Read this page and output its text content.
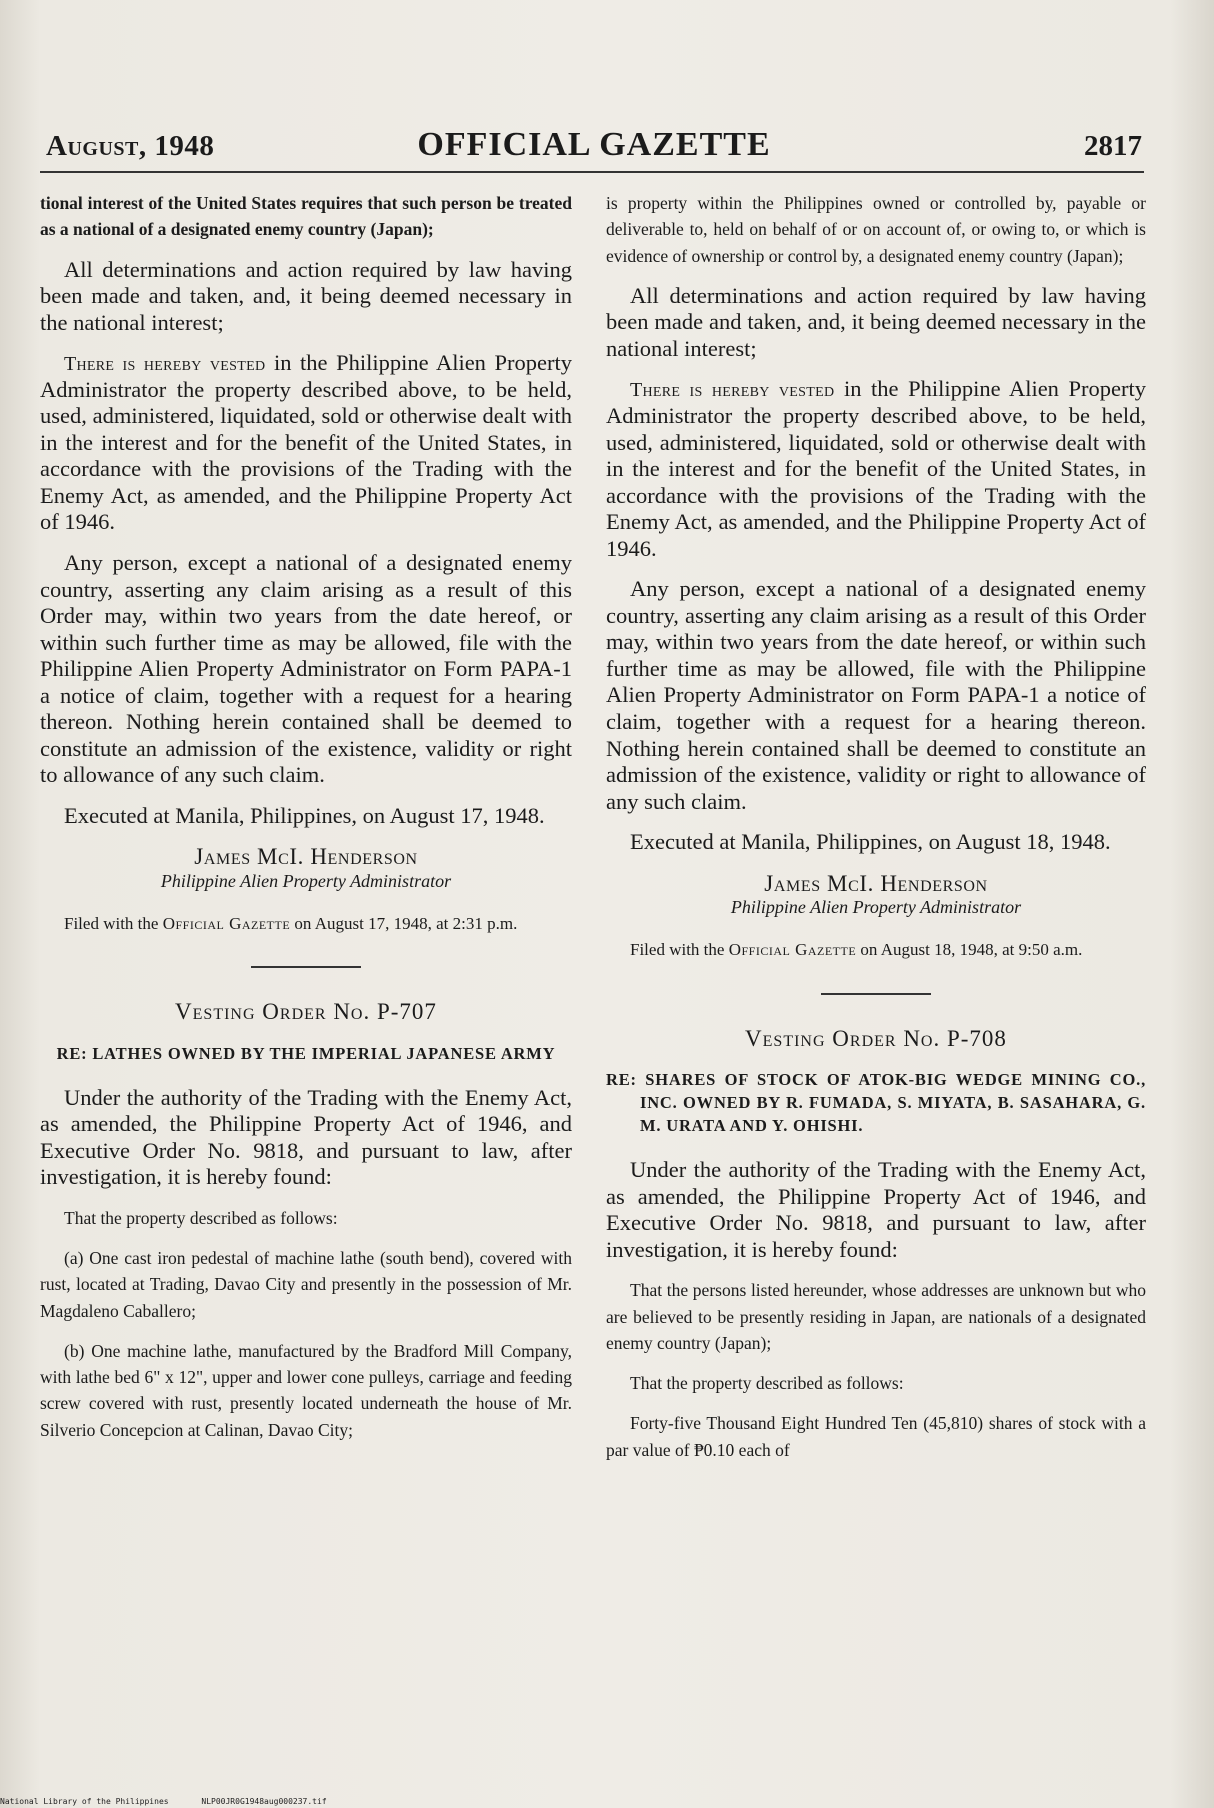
August, 1948	OFFICIAL GAZETTE	2817

tional interest of the United States requires that such person be treated as a national of a designated enemy country (Japan);

All determinations and action required by law having been made and taken, and, it being deemed necessary in the national interest;

There is hereby vested in the Philippine Alien Property Administrator the property described above, to be held, used, administered, liquidated, sold or otherwise dealt with in the interest and for the benefit of the United States, in accordance with the provisions of the Trading with the Enemy Act, as amended, and the Philippine Property Act of 1946.

Any person, except a national of a designated enemy country, asserting any claim arising as a result of this Order may, within two years from the date hereof, or within such further time as may be allowed, file with the Philippine Alien Property Administrator on Form PAPA-1 a notice of claim, together with a request for a hearing thereon. Nothing herein contained shall be deemed to constitute an admission of the existence, validity or right to allowance of any such claim.

Executed at Manila, Philippines, on August 17, 1948.

James McI. Henderson
Philippine Alien Property Administrator

Filed with the Official Gazette on August 17, 1948, at 2:31 p.m.

Vesting Order No. P-707

RE: LATHES OWNED BY THE IMPERIAL JAPANESE ARMY

Under the authority of the Trading with the Enemy Act, as amended, the Philippine Property Act of 1946, and Executive Order No. 9818, and pursuant to law, after investigation, it is hereby found:

That the property described as follows:

(a) One cast iron pedestal of machine lathe (south bend), covered with rust, located at Trading, Davao City and presently in the possession of Mr. Magdaleno Caballero;

(b) One machine lathe, manufactured by the Bradford Mill Company, with lathe bed 6" x 12", upper and lower cone pulleys, carriage and feeding screw covered with rust, presently located underneath the house of Mr. Silverio Concepcion at Calinan, Davao City;

is property within the Philippines owned or controlled by, payable or deliverable to, held on behalf of or on account of, or owing to, or which is evidence of ownership or control by, a designated enemy country (Japan);

All determinations and action required by law having been made and taken, and, it being deemed necessary in the national interest;

There is hereby vested in the Philippine Alien Property Administrator the property described above, to be held, used, administered, liquidated, sold or otherwise dealt with in the interest and for the benefit of the United States, in accordance with the provisions of the Trading with the Enemy Act, as amended, and the Philippine Property Act of 1946.

Any person, except a national of a designated enemy country, asserting any claim arising as a result of this Order may, within two years from the date hereof, or within such further time as may be allowed, file with the Philippine Alien Property Administrator on Form PAPA-1 a notice of claim, together with a request for a hearing thereon. Nothing herein contained shall be deemed to constitute an admission of the existence, validity or right to allowance of any such claim.

Executed at Manila, Philippines, on August 18, 1948.

James McI. Henderson
Philippine Alien Property Administrator

Filed with the Official Gazette on August 18, 1948, at 9:50 a.m.

Vesting Order No. P-708

RE: SHARES OF STOCK OF ATOK-BIG WEDGE MINING CO., INC. OWNED BY R. FUMADA, S. MIYATA, B. SASAHARA, G. M. URATA AND Y. OHISHI.

Under the authority of the Trading with the Enemy Act, as amended, the Philippine Property Act of 1946, and Executive Order No. 9818, and pursuant to law, after investigation, it is hereby found:

That the persons listed hereunder, whose addresses are unknown but who are believed to be presently residing in Japan, are nationals of a designated enemy country (Japan);

That the property described as follows:

Forty-five Thousand Eight Hundred Ten (45,810) shares of stock with a par value of ₱0.10 each of

National Library of the Philippines	NLP00JR0G1948aug000237.tif
